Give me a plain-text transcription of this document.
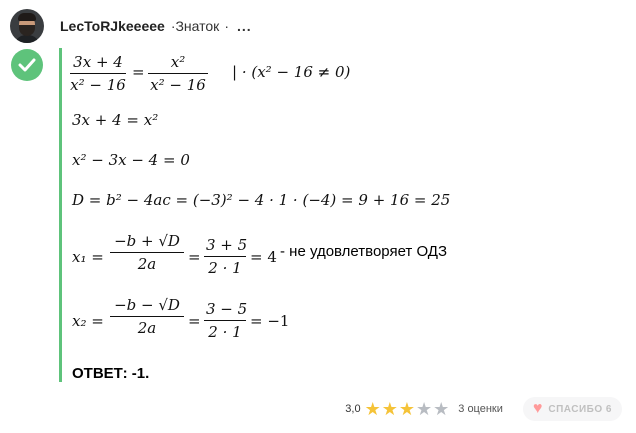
LecToRJkeeeee ·Знаток · ...
$\frac{3x + 4}{\text{x² − 16}} = \frac{\text{x²}}{\text{x² − 16}}$ | · (x² − 16 ≠ 0)
3x + 4 = x²
x² − 3x − 4 = 0
D = b² − 4ac = (−3)² − 4 · 1 · (−4) = 9 + 16 = 25
$x_1 = \frac{-b + √D}{2a} = \frac{3 + 5}{2 \cdot 1} = 4$ - не удовлетворяет ОДЗ
$x_2 = \frac{-b - √D}{2a} = \frac{3 - 5}{2 \cdot 1} = -1$
ОТВЕТ: -1.
3,0 ★ ★ ★ ★ ★ 3 оценки ♥ СПАСИБО 6
